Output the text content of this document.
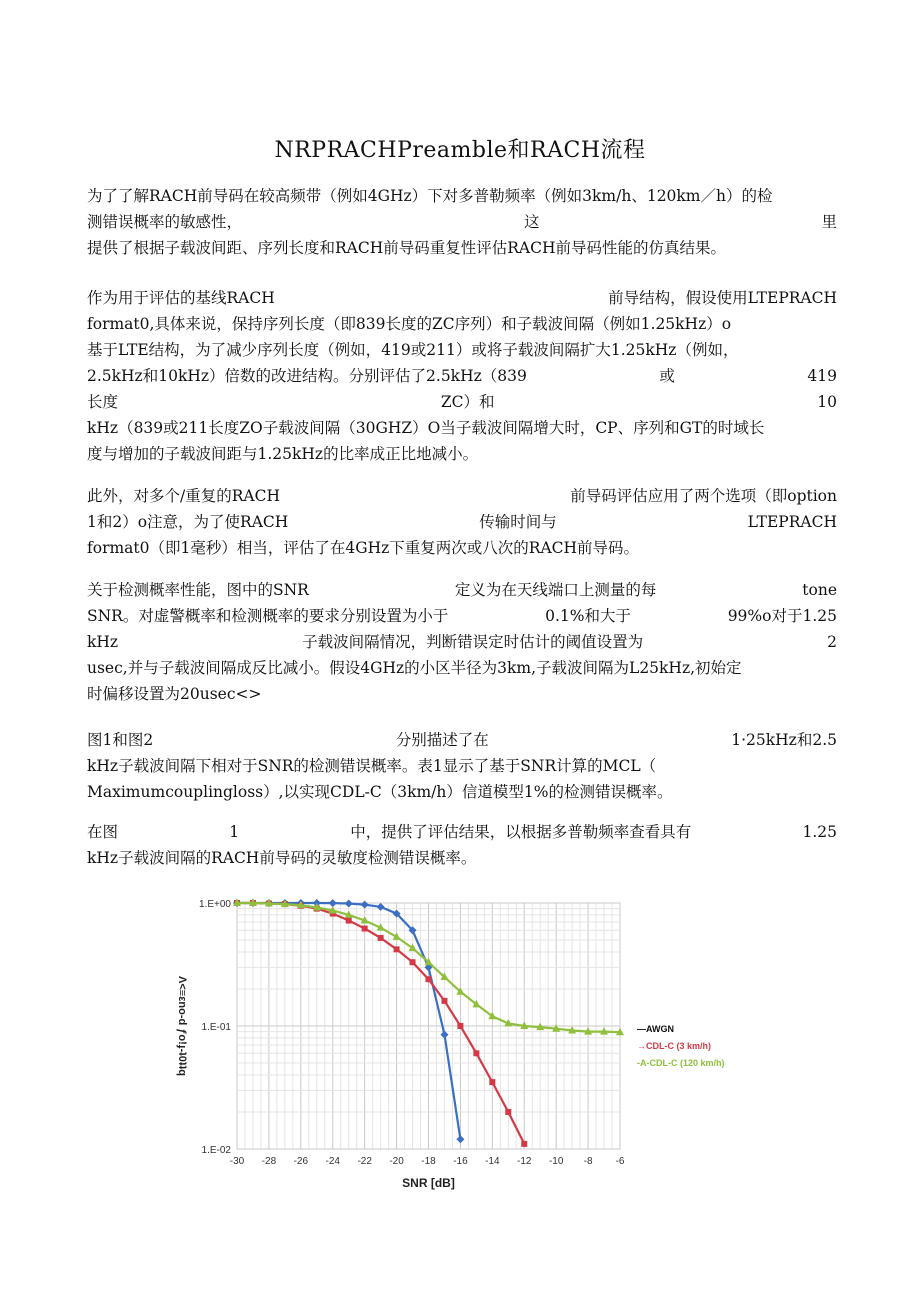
NRPRACHPreamble和RACH流程
为了了解RACH前导码在较高频带（例如4GHz）下对多普勒频率（例如3km/h、120km／h）的检
测错误概率的敏感性，	这	里
提供了根据子载波间距、序列长度和RACH前导码重复性评估RACH前导码性能的仿真结果。
作为用于评估的基线RACH	前导结构，假设使用LTEPRACH
format0,具体来说，保持序列长度（即839长度的ZC序列）和子载波间隔（例如1.25kHz）o
基于LTE结构，为了减少序列长度（例如，419或211）或将子载波间隔扩大1.25kHz（例如，
2.5kHz和10kHz）倍数的改进结构。分别评估了2.5kHz（839	或	419
长度	ZC）和	10
kHz（839或211长度ZO子载波间隔（30GHZ）O当子载波间隔增大时，CP、序列和GT的时域长
度与增加的子载波间距与1.25kHz的比率成正比地减小。
此外，对多个/重复的RACH	前导码评估应用了两个选项（即option
1和2）o注意，为了使RACH	传输时间与	LTEPRACH
format0（即1毫秒）相当，评估了在4GHz下重复两次或八次的RACH前导码。
关于检测概率性能，图中的SNR	定义为在天线端口上测量的每	tone
SNR。对虚警概率和检测概率的要求分别设置为小于	0.1%和大于	99%o对于1.25
kHz	子载波间隔情况，判断错误定时估计的阈值设置为	2
usec,并与子载波间隔成反比减小。假设4GHz的小区半径为3km,子载波间隔为L25kHz,初始定
时偏移设置为20usec<>
图1和图2	分别描述了在	1·25kHz和2.5
kHz子载波间隔下相对于SNR的检测错误概率。表1显示了基于SNR计算的MCL（
Maximumcouplingloss）,以实现CDL-C（3km/h）信道模型1%的检测错误概率。
在图	1	中，提供了评估结果，以根据多普勒频率查看具有	1.25
kHz子载波间隔的RACH前导码的灵敏度检测错误概率。
-30 -28 -26 -24 -22 -20 -18 -16 -14 -12 -10 -8 -6
1.E+00
1.E-01
1.E-02
SNR [dB]
Λ<≡εno-d ƒo!ɟ-ʇ0ʇʇq	—AWGN
→CDL-C (3 km/h)
-A-CDL-C (120 km/h)
